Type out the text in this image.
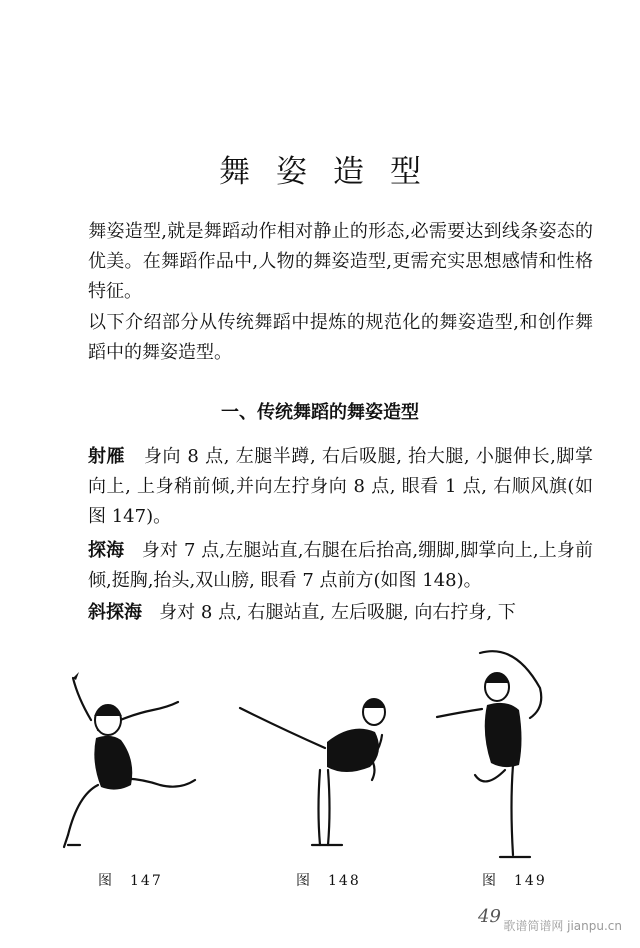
舞姿造型
舞姿造型,就是舞蹈动作相对静止的形态,必需要达到线条姿态的优美。在舞蹈作品中,人物的舞姿造型,更需充实思想感情和性格特征。
以下介绍部分从传统舞蹈中提炼的规范化的舞姿造型,和创作舞蹈中的舞姿造型。
一、传统舞蹈的舞姿造型
射雁 身向 8 点, 左腿半蹲, 右后吸腿, 抬大腿, 小腿伸长,脚掌向上, 上身稍前倾,并向左拧身向 8 点, 眼看 1 点, 右顺风旗(如图 147)。
探海 身对 7 点,左腿站直,右腿在后抬高,绷脚,脚掌向上,上身前倾,挺胸,抬头,双山膀, 眼看 7 点前方(如图 148)。
斜探海 身对 8 点, 右腿站直, 左后吸腿, 向右拧身, 下
图　147	图　148	图　149
49 歌谱简谱网 jianpu.cn
